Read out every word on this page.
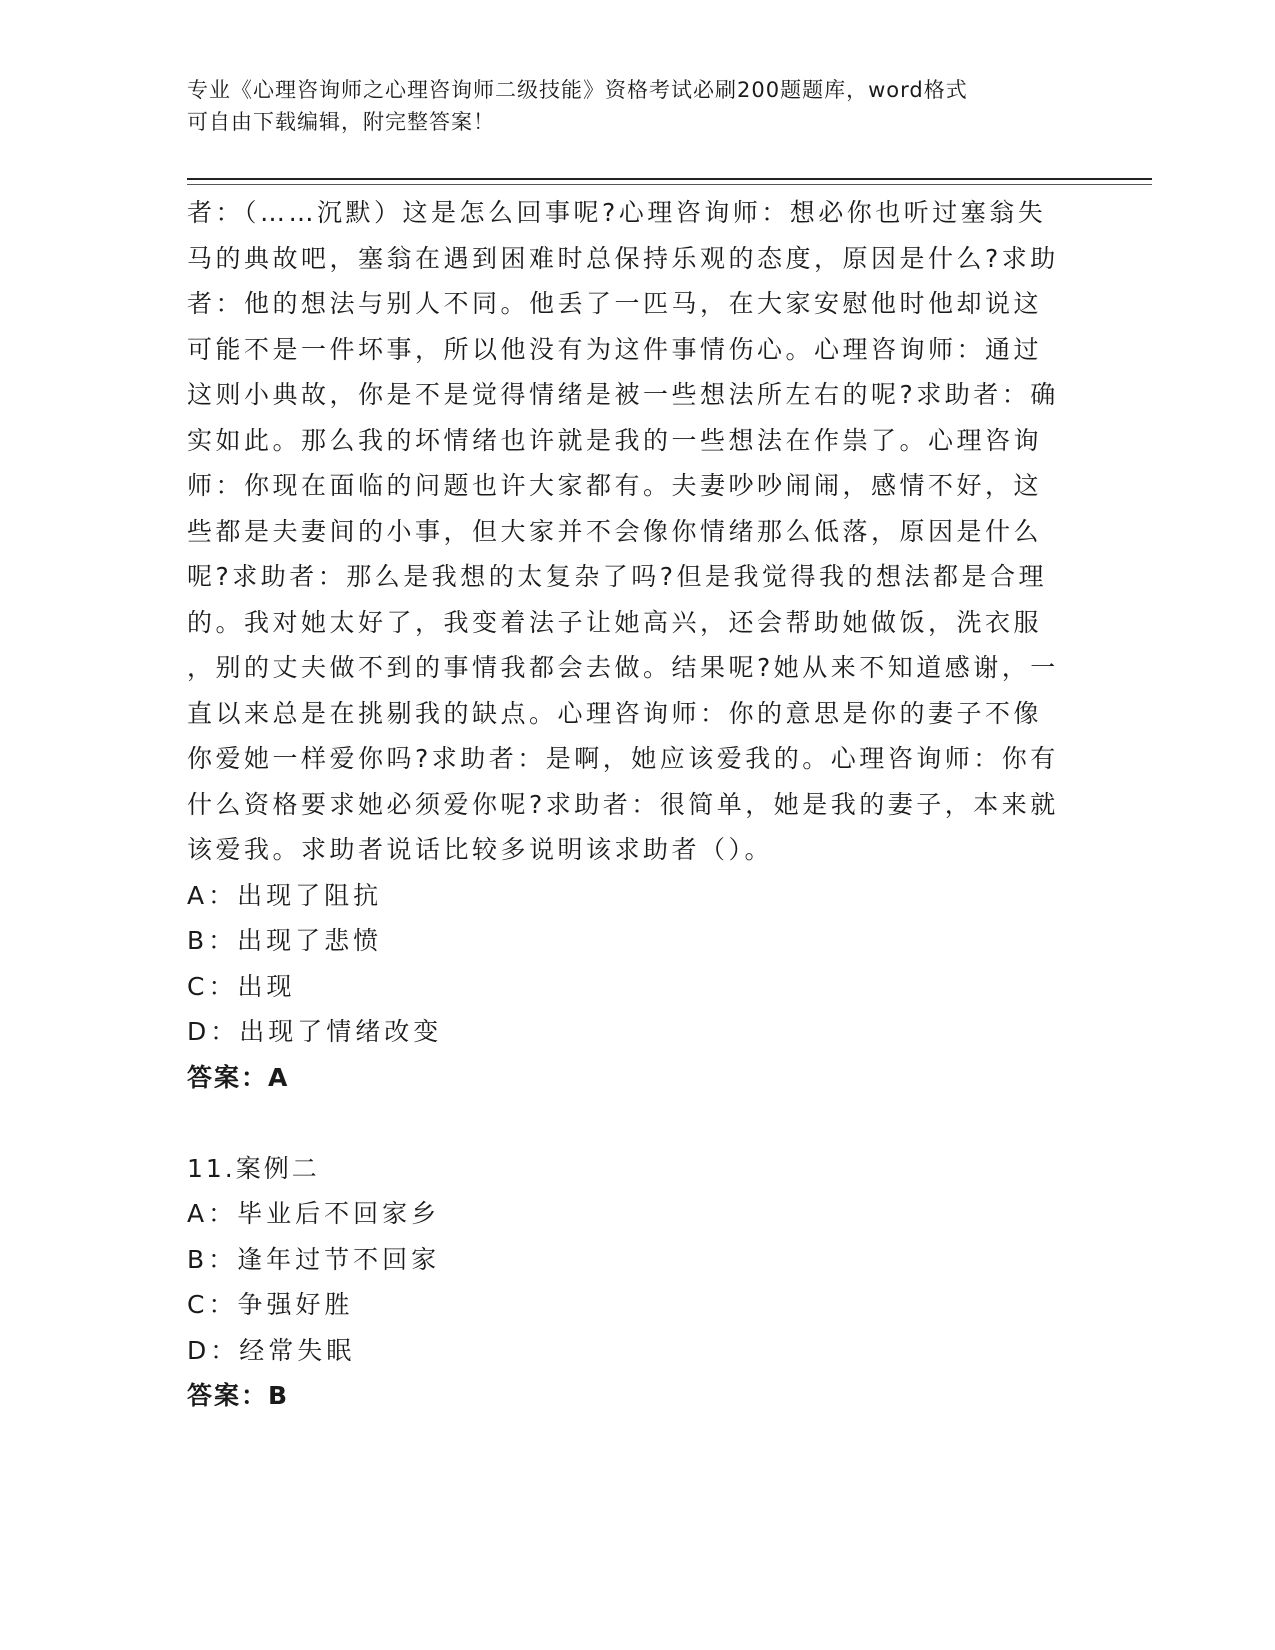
专业《心理咨询师之心理咨询师二级技能》资格考试必刷200题题库，word格式
可自由下载编辑，附完整答案！
者：（……沉默）这是怎么回事呢?心理咨询师：想必你也听过塞翁失
马的典故吧，塞翁在遇到困难时总保持乐观的态度，原因是什么?求助
者：他的想法与别人不同。他丢了一匹马，在大家安慰他时他却说这
可能不是一件坏事，所以他没有为这件事情伤心。心理咨询师：通过
这则小典故，你是不是觉得情绪是被一些想法所左右的呢?求助者：确
实如此。那么我的坏情绪也许就是我的一些想法在作祟了。心理咨询
师：你现在面临的问题也许大家都有。夫妻吵吵闹闹，感情不好，这
些都是夫妻间的小事，但大家并不会像你情绪那么低落，原因是什么
呢?求助者：那么是我想的太复杂了吗?但是我觉得我的想法都是合理
的。我对她太好了，我变着法子让她高兴，还会帮助她做饭，洗衣服
，别的丈夫做不到的事情我都会去做。结果呢?她从来不知道感谢，一
直以来总是在挑剔我的缺点。心理咨询师：你的意思是你的妻子不像
你爱她一样爱你吗?求助者：是啊，她应该爱我的。心理咨询师：你有
什么资格要求她必须爱你呢?求助者：很简单，她是我的妻子，本来就
该爱我。求助者说话比较多说明该求助者（）。
A：出现了阻抗
B：出现了悲愤
C：出现
D：出现了情绪改变
答案：A
11.案例二
A：毕业后不回家乡
B：逢年过节不回家
C：争强好胜
D：经常失眠
答案：B
